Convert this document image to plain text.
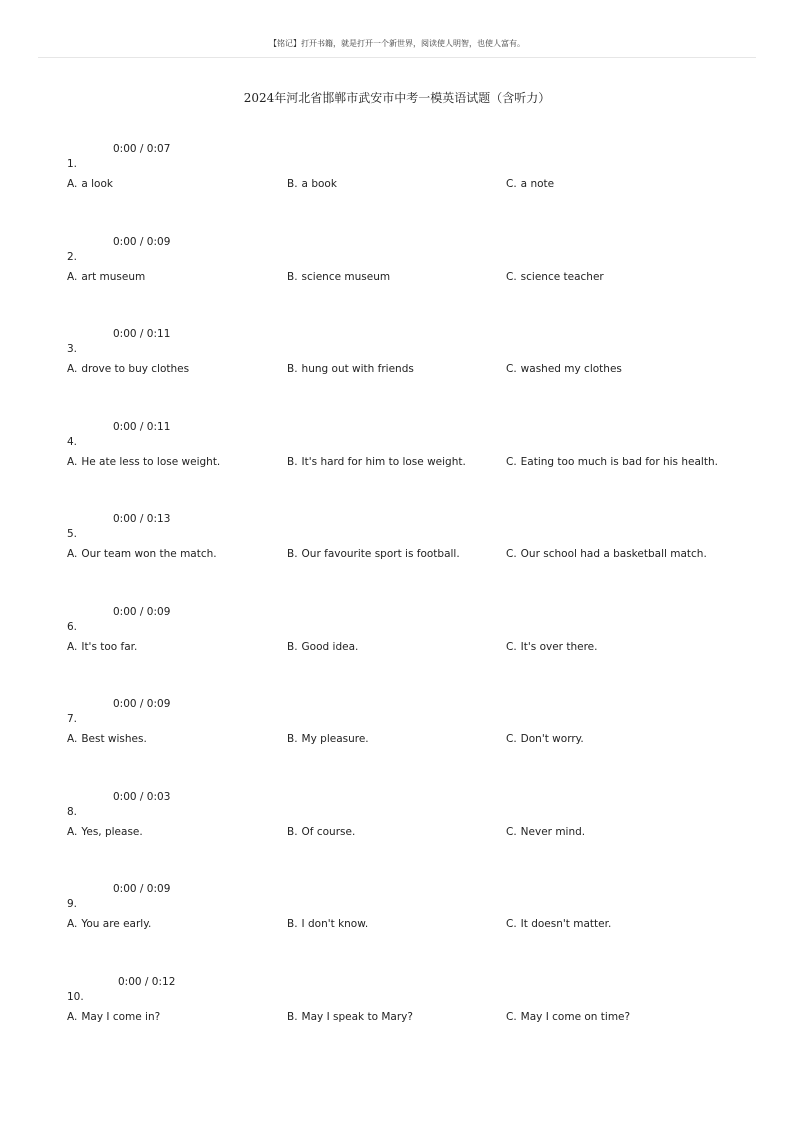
【铭记】打开书籍，就是打开一个新世界，阅读使人明智，也使人富有。
2024年河北省邯郸市武安市中考一模英语试题（含听力）
0:00 / 0:07
1.
A. a look	B. a book	C. a note
0:00 / 0:09
2.
A. art museum	B. science museum	C. science teacher
0:00 / 0:11
3.
A. drove to buy clothes	B. hung out with friends	C. washed my clothes
0:00 / 0:11
4.
A. He ate less to lose weight.	B. It's hard for him to lose weight.	C. Eating too much is bad for his health.
0:00 / 0:13
5.
A. Our team won the match.	B. Our favourite sport is football.	C. Our school had a basketball match.
0:00 / 0:09
6.
A. It's too far.	B. Good idea.	C. It's over there.
0:00 / 0:09
7.
A. Best wishes.	B. My pleasure.	C. Don't worry.
0:00 / 0:03
8.
A. Yes, please.	B. Of course.	C. Never mind.
0:00 / 0:09
9.
A. You are early.	B. I don't know.	C. It doesn't matter.
0:00 / 0:12
10.
A. May I come in?	B. May I speak to Mary?	C. May I come on time?
